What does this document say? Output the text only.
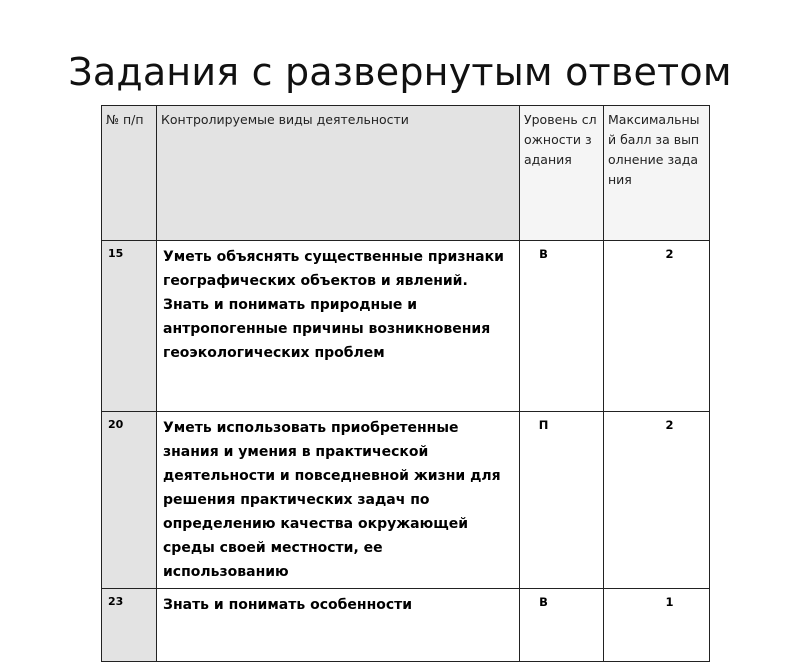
Задания с развернутым ответом
№ п/п	Контролируемые виды деятельности	Уровень сложности задания	Максимальный балл за выполнение задания
15	Уметь объяснять существенные признаки географических объектов и явлений. Знать и понимать природные и антропогенные причины возникновения геоэкологических проблем	В	2
20	Уметь использовать приобретенные знания и умения в практической деятельности и повседневной жизни для решения практических задач по определению качества окружающей среды своей местности, ее использованию	П	2
23	Знать и понимать особенности	В	1
